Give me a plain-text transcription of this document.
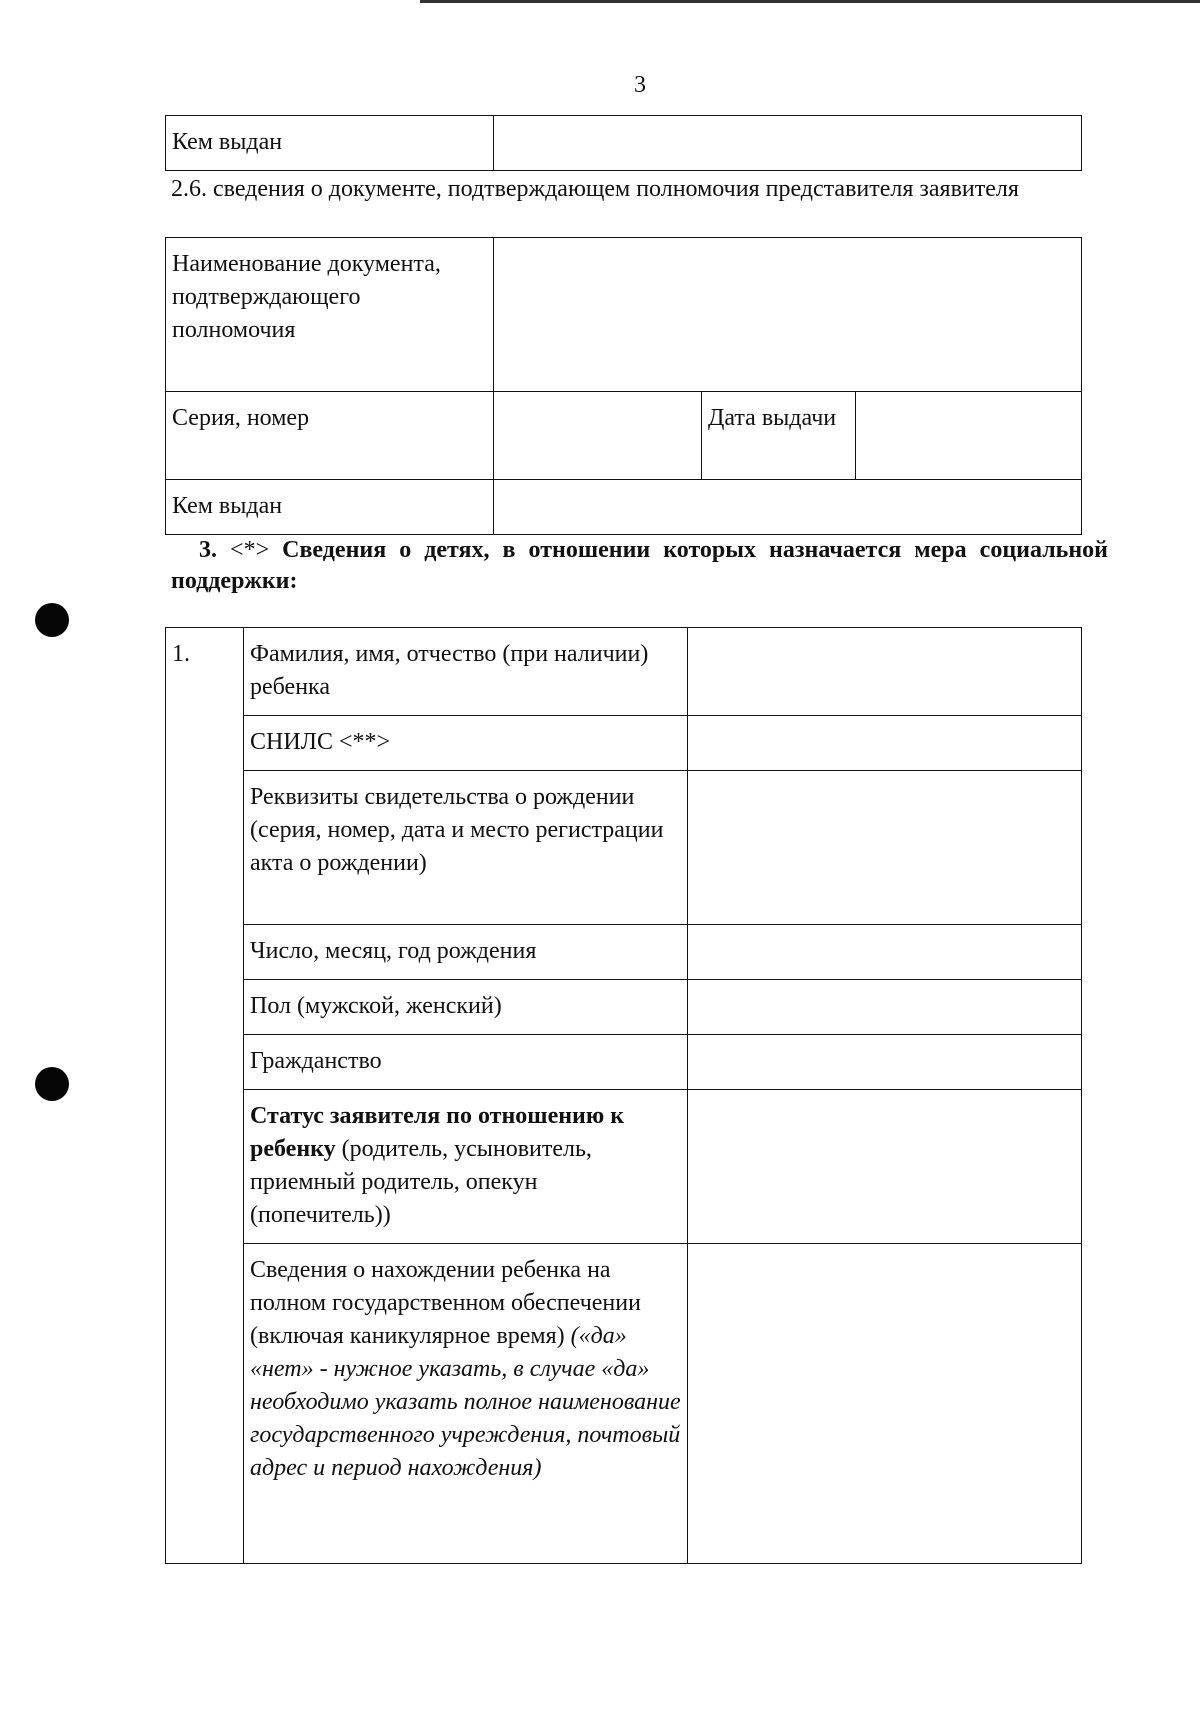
3
Кем выдан	
2.6. сведения о документе, подтверждающем полномочия представителя заявителя
Наименование документа, подтверждающего полномочия			
Серия, номер		Дата выдачи	
Кем выдан			
3. <*> Сведения о детях, в отношении которых назначается мера социальной поддержки:
1.	Фамилия, имя, отчество (при наличии) ребенка	
	СНИЛС <**>	
	Реквизиты свидетельства о рождении (серия, номер, дата и место регистрации акта о рождении)	
	Число, месяц, год рождения	
	Пол (мужской, женский)	
	Гражданство	
	Статус заявителя по отношению к ребенку (родитель, усыновитель, приемный родитель, опекун (попечитель))	
	Сведения о нахождении ребенка на полном государственном обеспечении (включая каникулярное время) («да» «нет» - нужное указать, в случае «да» необходимо указать полное наименование государственного учреждения, почтовый адрес и период нахождения)	
